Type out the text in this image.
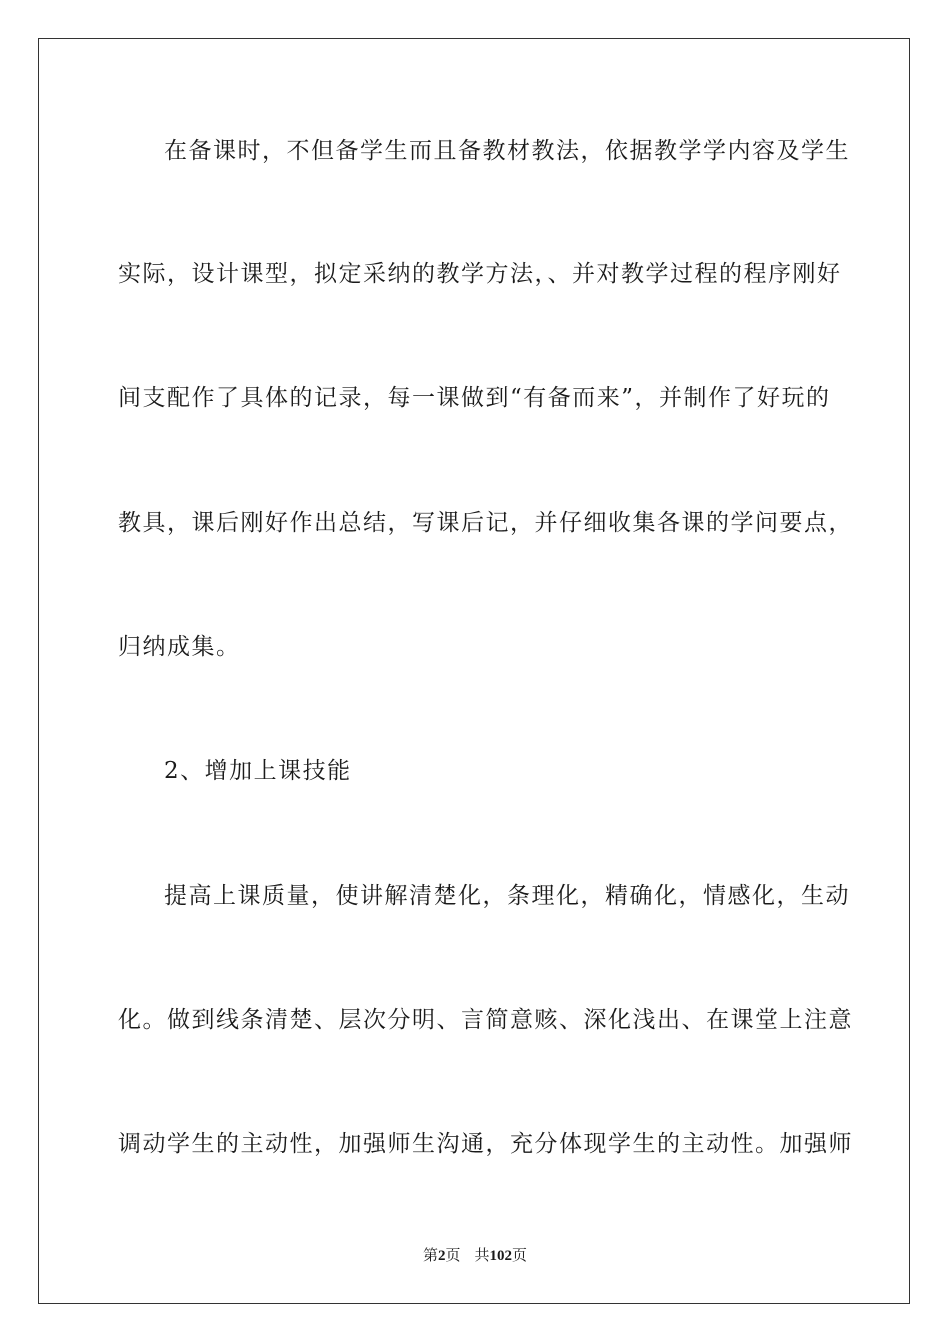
在备课时，不但备学生而且备教材教法，依据教学学内容及学生
实际，设计课型，拟定采纳的教学方法，、并对教学过程的程序刚好
间支配作了具体的记录，每一课做到“有备而来”，并制作了好玩的
教具，课后刚好作出总结，写课后记，并仔细收集各课的学问要点，
归纳成集。
2、增加上课技能
提高上课质量，使讲解清楚化，条理化，精确化，情感化，生动
化。做到线条清楚、层次分明、言简意赅、深化浅出、在课堂上注意
调动学生的主动性，加强师生沟通，充分体现学生的主动性。加强师
第2页 共102页
